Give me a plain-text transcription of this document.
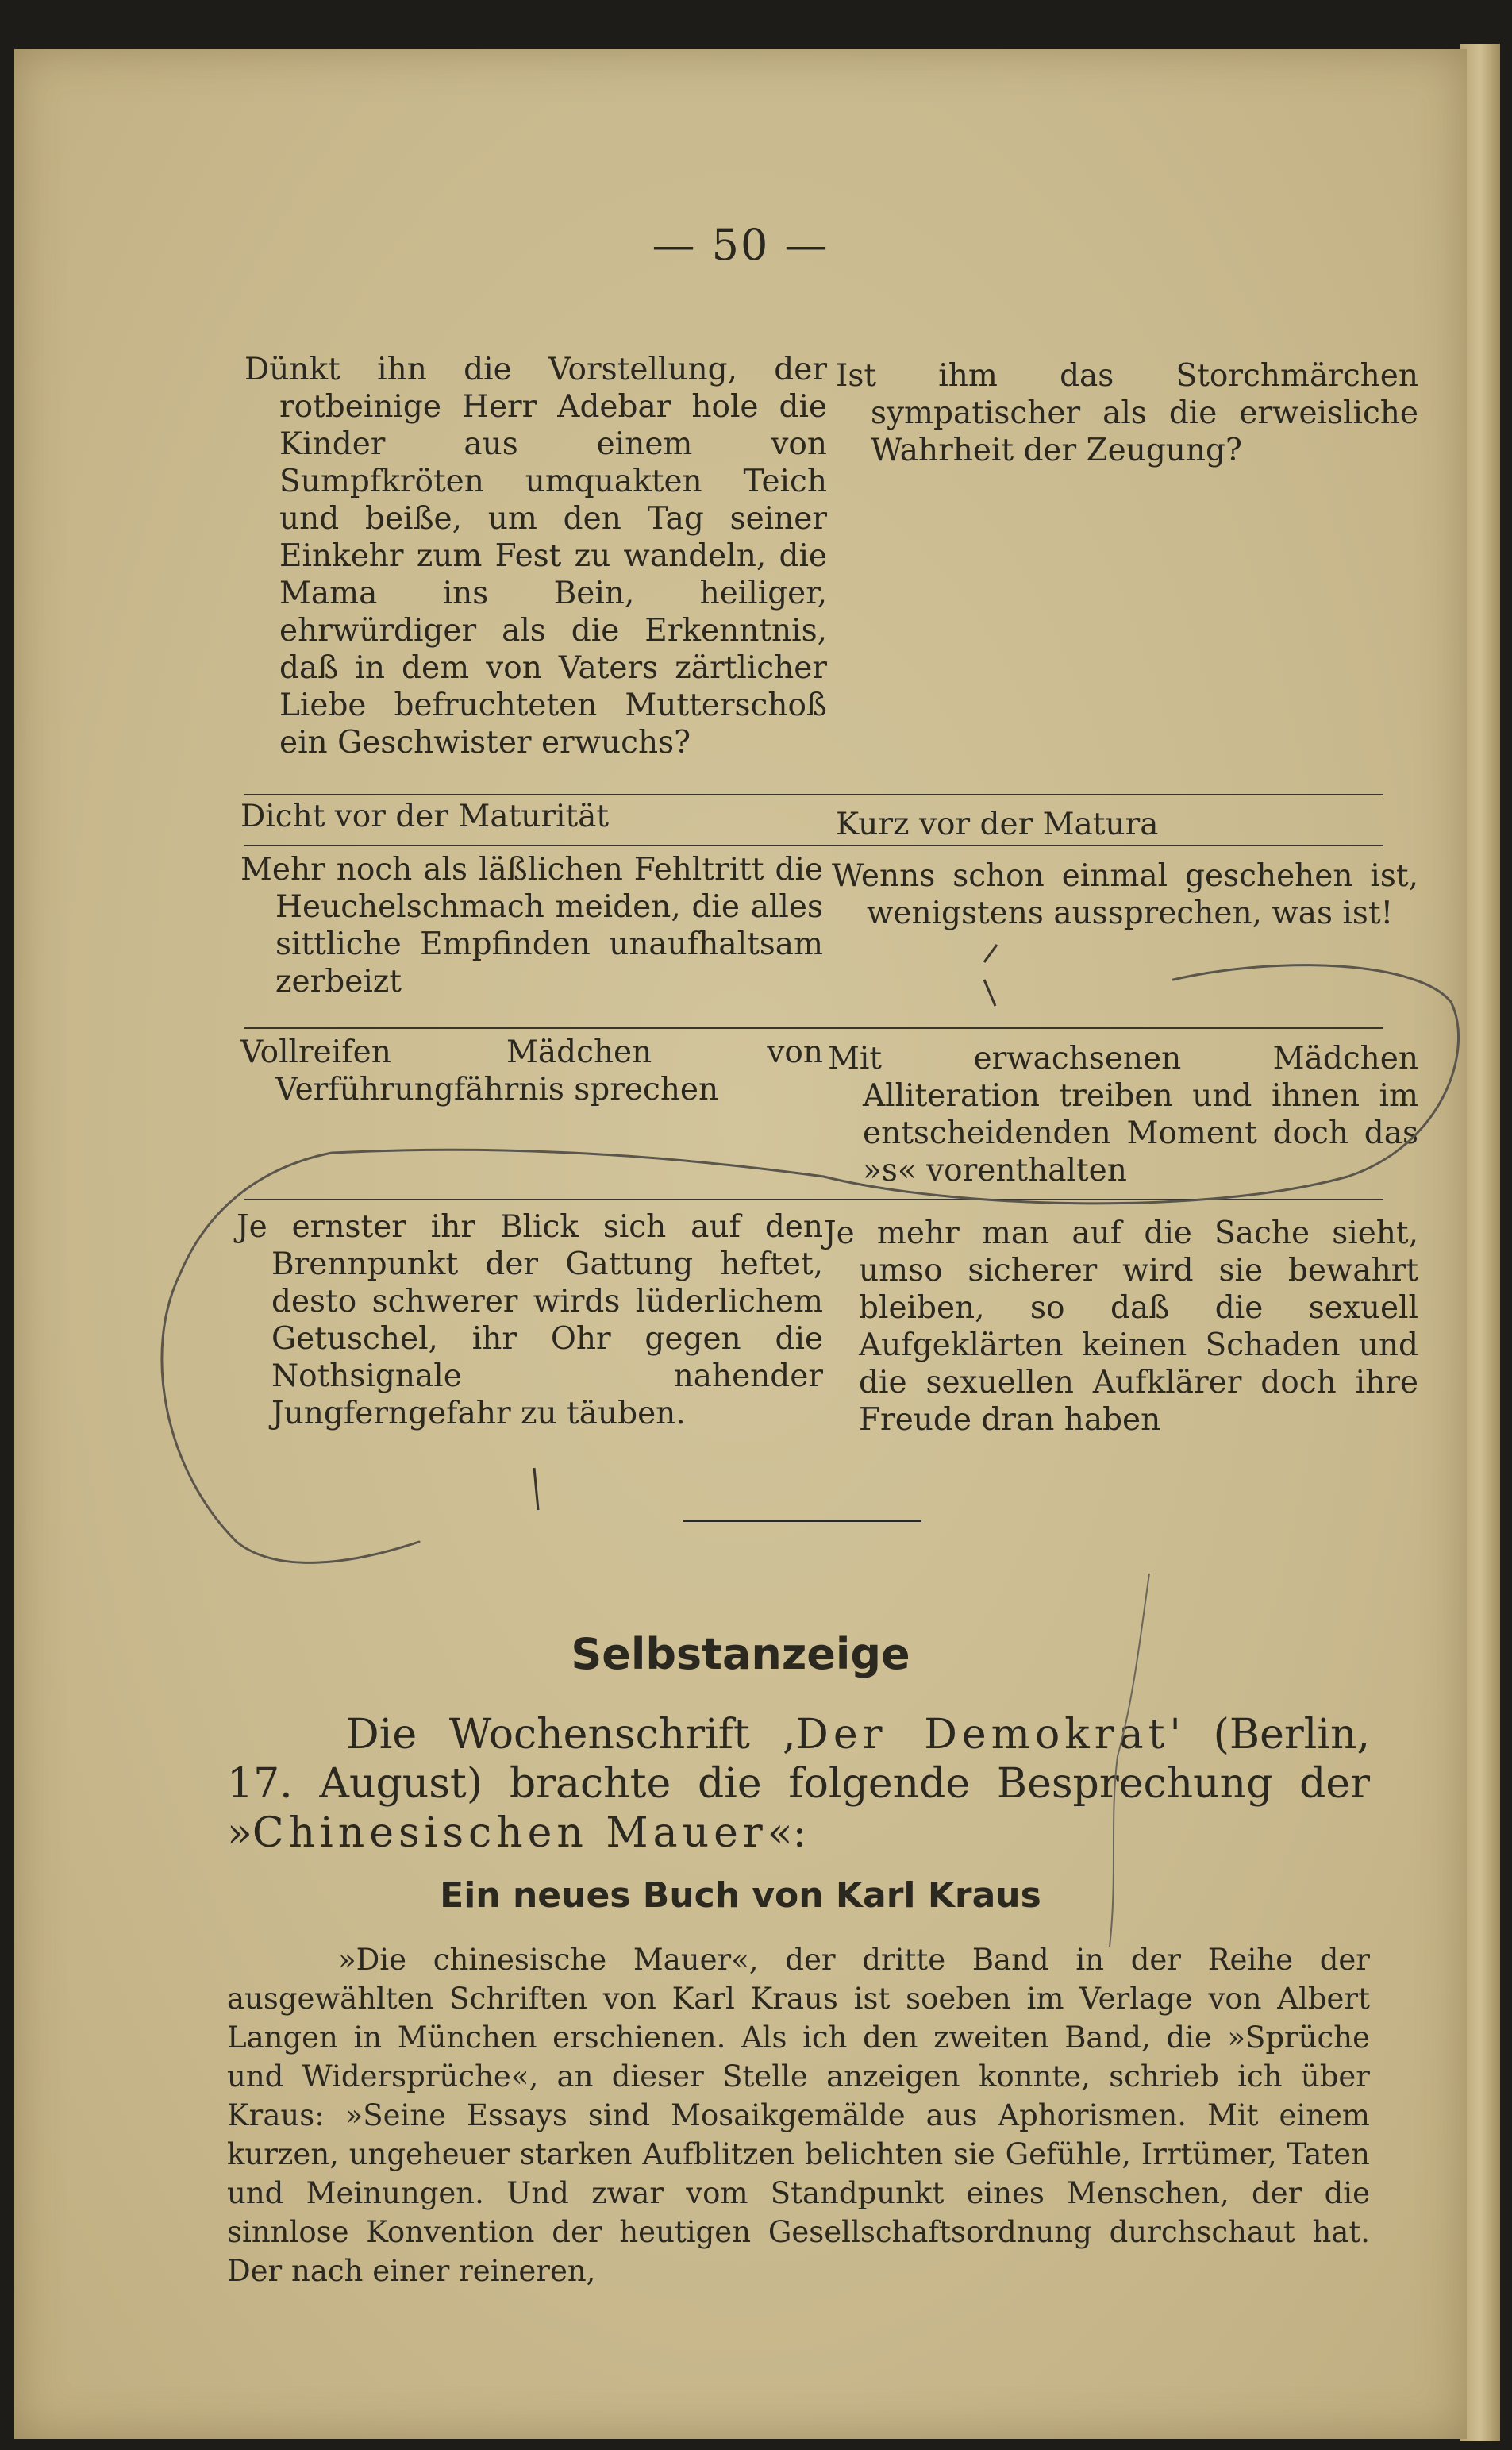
— 50 —

Dünkt ihn die Vorstellung, der rotbeinige Herr Adebar hole die Kinder aus einem von Sumpfkröten umquakten Teich und beiße, um den Tag seiner Einkehr zum Fest zu wandeln, die Mama ins Bein, heiliger, ehrwürdiger als die Erkenntnis, daß in dem von Vaters zärtlicher Liebe befruchteten Mutterschoß ein Geschwister erwuchs?

Ist ihm das Storchmärchen sympatischer als die erweisliche Wahrheit der Zeugung?

Dicht vor der Maturität	Kurz vor der Matura

Mehr noch als läßlichen Fehltritt die Heuchelschmach meiden, die alles sittliche Empfinden unaufhaltsam zerbeizt

Wenns schon einmal geschehen ist, wenigstens aussprechen, was ist!

Vollreifen Mädchen von Verführungfährnis sprechen

Mit erwachsenen Mädchen Alliteration treiben und ihnen im entscheidenden Moment doch das »s« vorenthalten

Je ernster ihr Blick sich auf den Brennpunkt der Gattung heftet, desto schwerer wirds lüderlichem Getuschel, ihr Ohr gegen die Nothsignale nahender Jungferngefahr zu täuben.

Je mehr man auf die Sache sieht, umso sicherer wird sie bewahrt bleiben, so daß die sexuell Aufgeklärten keinen Schaden und die sexuellen Aufklärer doch ihre Freude dran haben

Selbstanzeige

Die Wochenschrift ‚Der Demokrat' (Berlin, 17. August) brachte die folgende Besprechung der »Chinesischen Mauer«:

Ein neues Buch von Karl Kraus

»Die chinesische Mauer«, der dritte Band in der Reihe der ausgewählten Schriften von Karl Kraus ist soeben im Verlage von Albert Langen in München erschienen. Als ich den zweiten Band, die »Sprüche und Widersprüche«, an dieser Stelle anzeigen konnte, schrieb ich über Kraus: »Seine Essays sind Mosaikgemälde aus Aphorismen. Mit einem kurzen, ungeheuer starken Aufblitzen belichten sie Gefühle, Irrtümer, Taten und Meinungen. Und zwar vom Standpunkt eines Menschen, der die sinnlose Konvention der heutigen Gesellschaftsordnung durchschaut hat. Der nach einer reineren,
